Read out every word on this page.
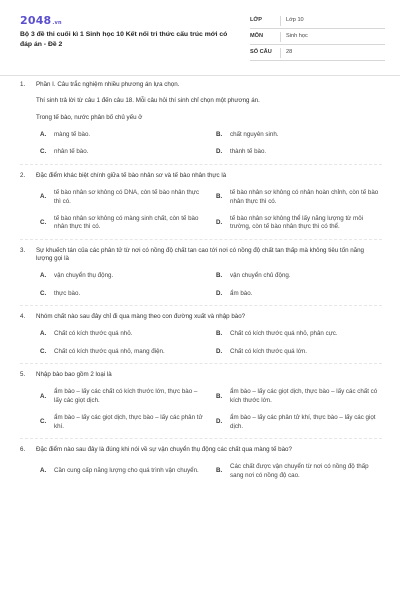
2048.vn
Bộ 3 đề thi cuối kì 1 Sinh học 10 Kết nối tri thức cấu trúc mới có đáp án - Đề 2
LỚP	Lớp 10
MÔN	Sinh học
SỐ CÂU	28
1.	Phần I. Câu trắc nghiệm nhiều phương án lựa chọn.
Thí sinh trả lời từ câu 1 đến câu 18. Mỗi câu hỏi thí sinh chỉ chọn một phương án.
Trong tế bào, nước phân bố chủ yếu ở
A.	màng tế bào.	B.	chất nguyên sinh.
C.	nhân tế bào.	D.	thành tế bào.
2.	Đặc điểm khác biệt chính giữa tế bào nhân sơ và tế bào nhân thực là
A.
tế bào nhân sơ không có DNA, còn tế bào nhân thực thì có.
B.
tế bào nhân sơ không có nhân hoàn chỉnh, còn tế bào nhân thực thì có.
C.
tế bào nhân sơ không có màng sinh chất, còn tế bào nhân thực thì có.
D.
tế bào nhân sơ không thể lấy năng lượng từ môi trường, còn tế bào nhân thực thì có thể.
3.	Sự khuếch tán của các phân tử từ nơi có nồng độ chất tan cao tới nơi có nồng độ chất tan thấp mà không tiêu tốn năng lượng gọi là
A.	vận chuyển thụ động.	B.	vận chuyển chủ động.
C.	thực bào.	D.	ẩm bào.
4.	Nhóm chất nào sau đây chỉ đi qua màng theo con đường xuất và nhập bào?
A.	Chất có kích thước quá nhỏ.	B.	Chất có kích thước quá nhỏ, phân cực.
C.	Chất có kích thước quá nhỏ, mang điện.	D.	Chất có kích thước quá lớn.
5.	Nhập bào bao gồm 2 loại là
A.
ẩm bào – lấy các chất có kích thước lớn, thực bào – lấy các giọt dịch.
B.
ẩm bào – lấy các giọt dịch, thực bào – lấy các chất có kích thước lớn.
C.
ẩm bào – lấy các giọt dịch, thực bào – lấy các phân tử khí.
D.
ẩm bào – lấy các phân tử khí, thực bào – lấy các giọt dịch.
6.	Đặc điểm nào sau đây là đúng khi nói về sự vận chuyển thụ động các chất qua màng tế bào?
A.	Cần cung cấp năng lượng cho quá trình vận chuyển.	B.
Các chất được vận chuyển từ nơi có nồng độ thấp sang nơi có nồng độ cao.
